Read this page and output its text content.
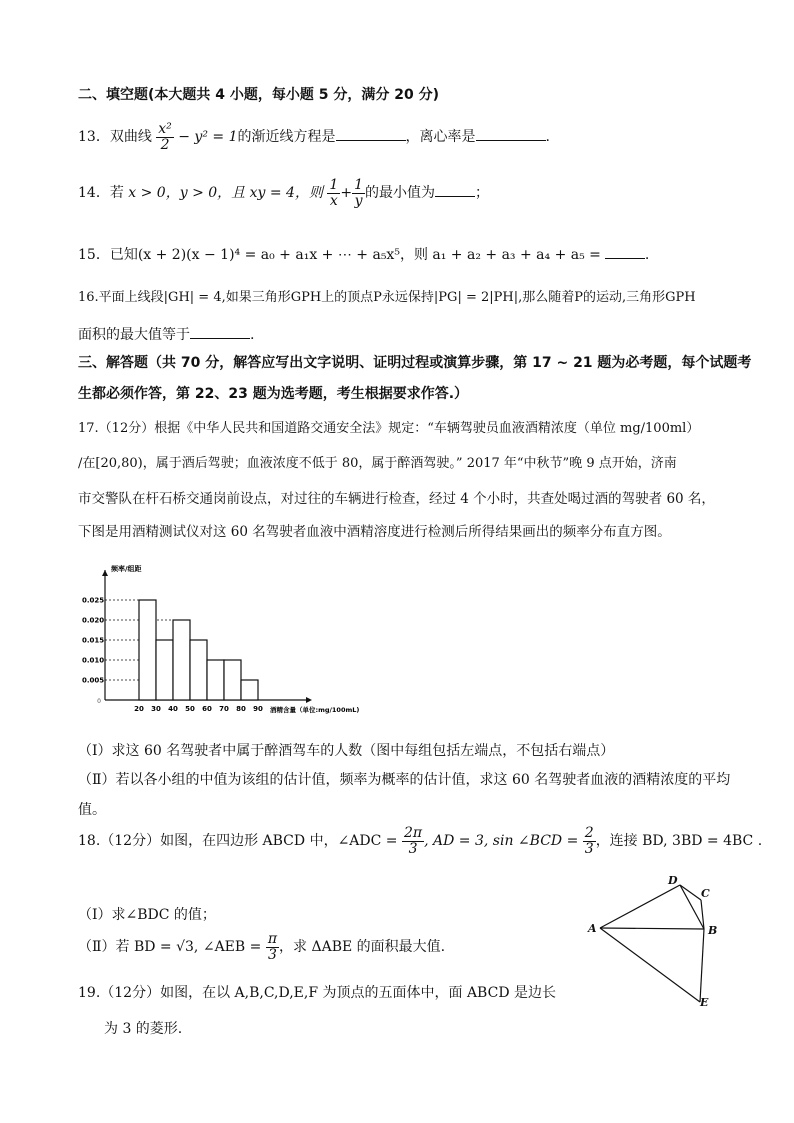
二、填空题(本大题共 4 小题，每小题 5 分，满分 20 分)
13．双曲线 $\frac{\text{x²}}{2} - y^2 = 1$的渐近线方程是	，离心率是	.
14．若 x > 0，y > 0，且 xy = 4，则 $\frac{1}{x} + \frac{1}{y}$ 的最小值为	；
15．已知(x + 2)(x − 1)⁴ = a₀ + a₁x + ⋯ + a₅x⁵，则 a₁ + a₂ + a₃ + a₄ + a₅ =	.
16.平面上线段|GH| = 4,如果三角形GPH上的顶点P永远保持|PG| = 2|PH|,那么随着P的运动,三角形GPH
面积的最大值等于	.
三、解答题（共 70 分，解答应写出文字说明、证明过程或演算步骤，第 17 ~ 21 题为必考题，每个试题考
生都必须作答，第 22、23 题为选考题，考生根据要求作答.）
17.（12分）根据《中华人民共和国道路交通安全法》规定：“车辆驾驶员血液酒精浓度（单位 mg/100ml）
/在[20,80)，属于酒后驾驶；血液浓度不低于 80，属于醉酒驾驶。” 2017 年“中秋节”晚 9 点开始，济南
市交警队在杆石桥交通岗前设点，对过往的车辆进行检查，经过 4 个小时，共查处喝过酒的驾驶者 60 名，
下图是用酒精测试仪对这 60 名驾驶者血液中酒精溶度进行检测后所得结果画出的频率分布直方图。
频率/组距
0.025
0.020
0.015
0.010
0.005
20 30 40 50 60 70 80 90
0
酒精含量（单位:mg/100mL)
（Ⅰ）求这 60 名驾驶者中属于醉酒驾车的人数（图中每组包括左端点，不包括右端点）
（Ⅱ）若以各小组的中值为该组的估计值，频率为概率的估计值，求这 60 名驾驶者血液的酒精浓度的平均
值。
18.（12分）如图，在四边形 ABCD 中，∠ADC = $\frac{2\pi}{3}$ , AD = 3, sin ∠BCD = $\frac{2}{3}$ ，连接 BD, 3BD = 4BC .
（Ⅰ）求∠BDC 的值；
（Ⅱ）若 BD = √3, ∠AEB = $\frac{\pi}{3}$ ，求 ΔABE 的面积最大值.
A
D
C
B
E
19.（12分）如图，在以 A,B,C,D,E,F 为顶点的五面体中，面 ABCD 是边长
为 3 的菱形.
